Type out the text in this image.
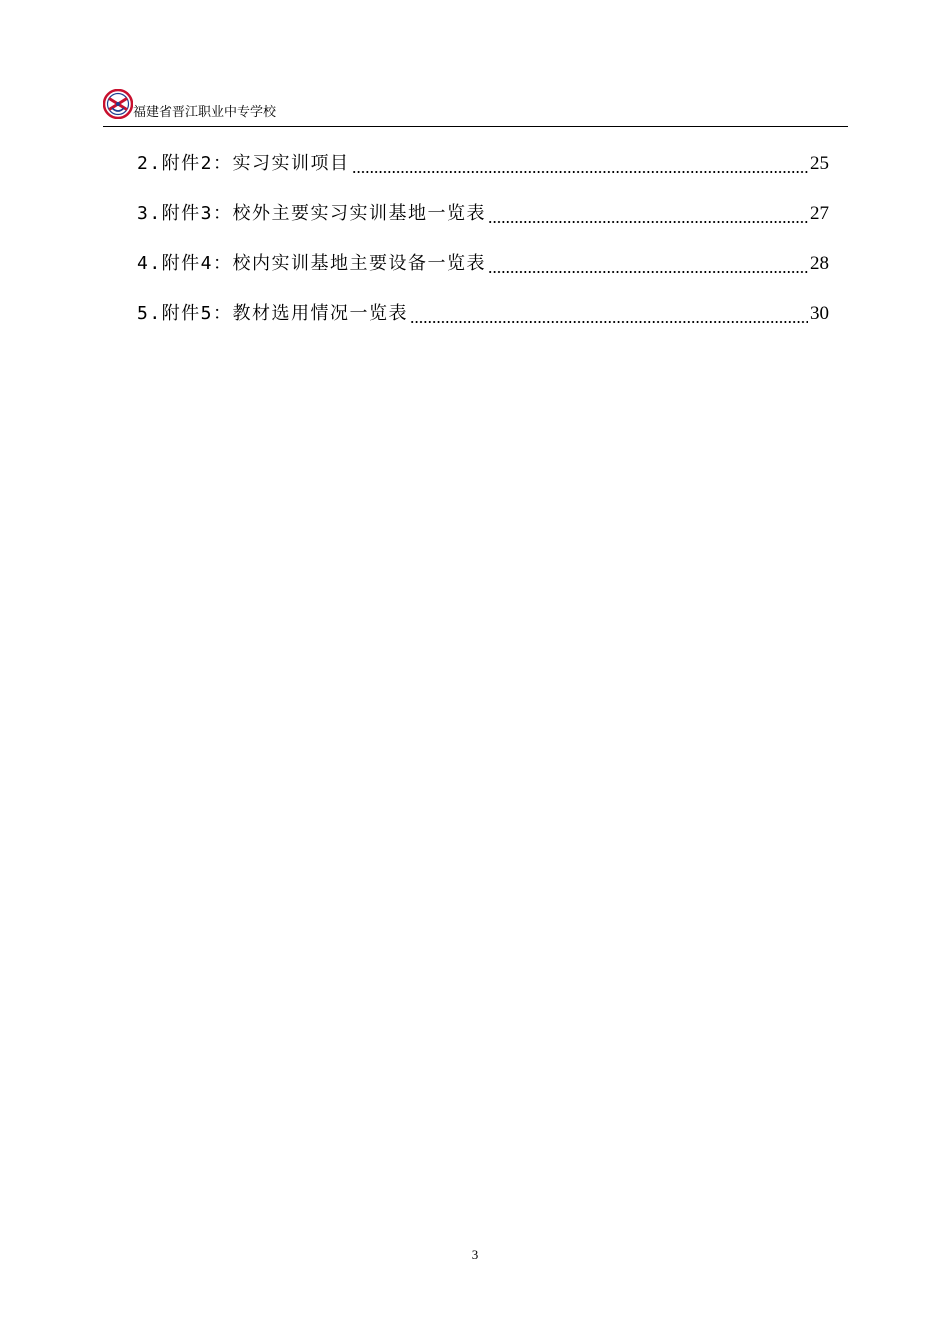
福建省晋江职业中专学校
2.附件2：实习实训项目	25
3.附件3：校外主要实习实训基地一览表	27
4.附件4：校内实训基地主要设备一览表	28
5.附件5：教材选用情况一览表	30
3
